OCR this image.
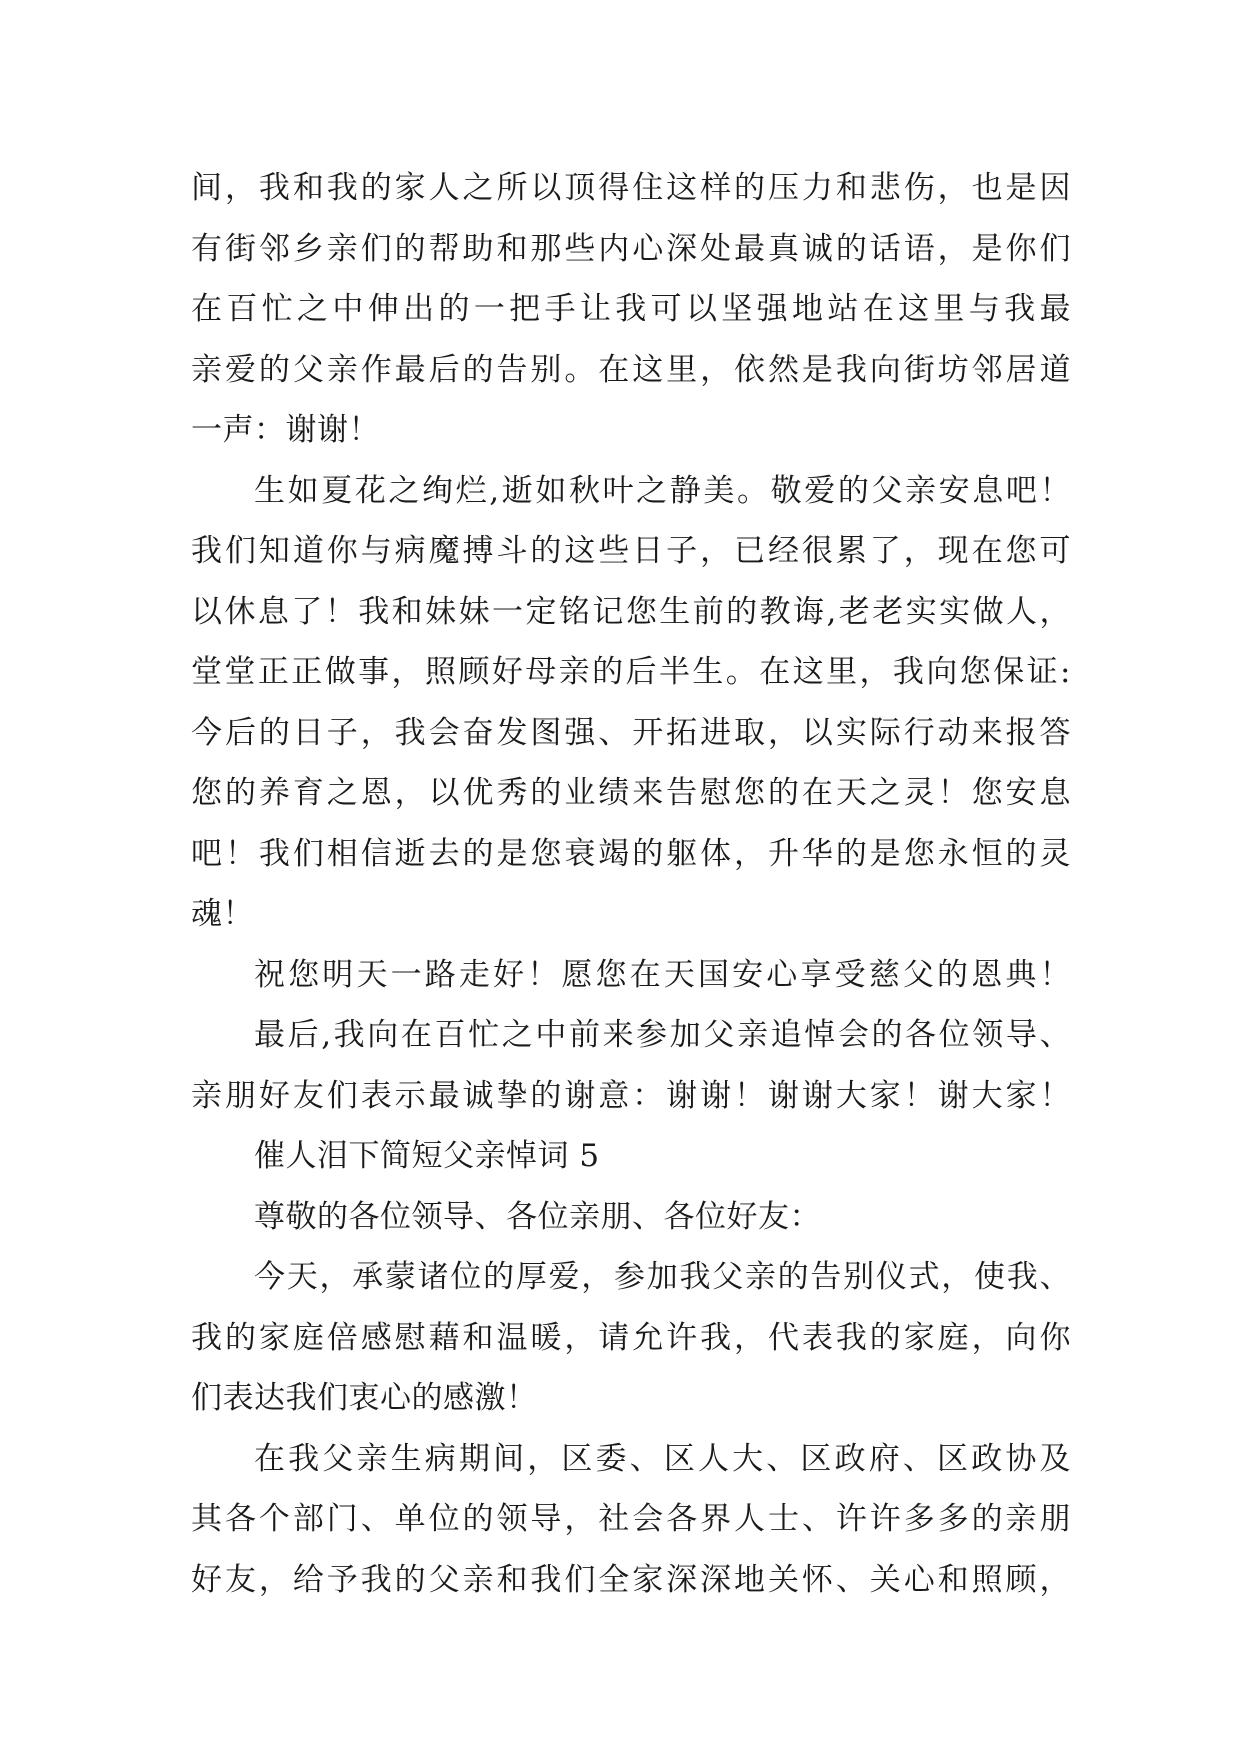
间，我和我的家人之所以顶得住这样的压力和悲伤，也是因
有街邻乡亲们的帮助和那些内心深处最真诚的话语，是你们
在百忙之中伸出的一把手让我可以坚强地站在这里与我最
亲爱的父亲作最后的告别。在这里，依然是我向街坊邻居道
一声：谢谢！
生如夏花之绚烂,逝如秋叶之静美。敬爱的父亲安息吧！
我们知道你与病魔搏斗的这些日子，已经很累了，现在您可
以休息了！我和妹妹一定铭记您生前的教诲,老老实实做人，
堂堂正正做事，照顾好母亲的后半生。在这里，我向您保证:
今后的日子，我会奋发图强、开拓进取，以实际行动来报答
您的养育之恩，以优秀的业绩来告慰您的在天之灵！您安息
吧！我们相信逝去的是您衰竭的躯体，升华的是您永恒的灵
魂！
祝您明天一路走好！愿您在天国安心享受慈父的恩典！
最后,我向在百忙之中前来参加父亲追悼会的各位领导、
亲朋好友们表示最诚挚的谢意：谢谢！谢谢大家！谢大家！
催人泪下简短父亲悼词 5
尊敬的各位领导、各位亲朋、各位好友：
今天，承蒙诸位的厚爱，参加我父亲的告别仪式，使我、
我的家庭倍感慰藉和温暖，请允许我，代表我的家庭，向你
们表达我们衷心的感激！
在我父亲生病期间，区委、区人大、区政府、区政协及
其各个部门、单位的领导，社会各界人士、许许多多的亲朋
好友，给予我的父亲和我们全家深深地关怀、关心和照顾，
